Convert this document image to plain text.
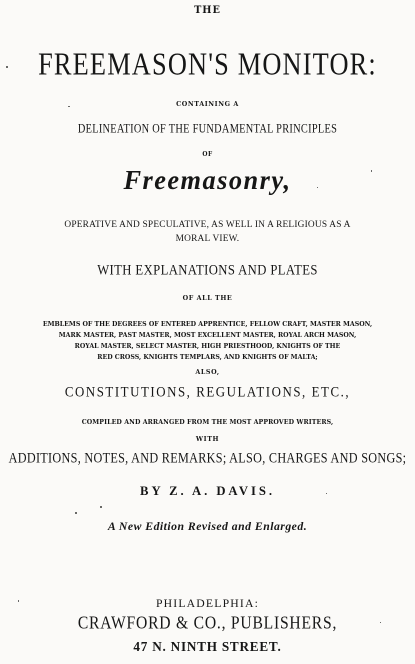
THE
FREEMASON'S MONITOR:
CONTAINING A
DELINEATION OF THE FUNDAMENTAL PRINCIPLES
OF
Freemasonry,
OPERATIVE AND SPECULATIVE, AS WELL IN A RELIGIOUS AS A
MORAL VIEW.
WITH EXPLANATIONS AND PLATES
OF ALL THE
EMBLEMS OF THE DEGREES OF ENTERED APPRENTICE, FELLOW CRAFT, MASTER MASON,
MARK MASTER, PAST MASTER, MOST EXCELLENT MASTER, ROYAL ARCH MASON,
ROYAL MASTER, SELECT MASTER, HIGH PRIESTHOOD, KNIGHTS OF THE
RED CROSS, KNIGHTS TEMPLARS, AND KNIGHTS OF MALTA;
ALSO,
CONSTITUTIONS, REGULATIONS, ETC.,
COMPILED AND ARRANGED FROM THE MOST APPROVED WRITERS,
WITH
ADDITIONS, NOTES, AND REMARKS; ALSO, CHARGES AND SONGS;
BY Z. A. DAVIS.
A New Edition Revised and Enlarged.
PHILADELPHIA:
CRAWFORD & CO., PUBLISHERS,
47 N. NINTH STREET.
